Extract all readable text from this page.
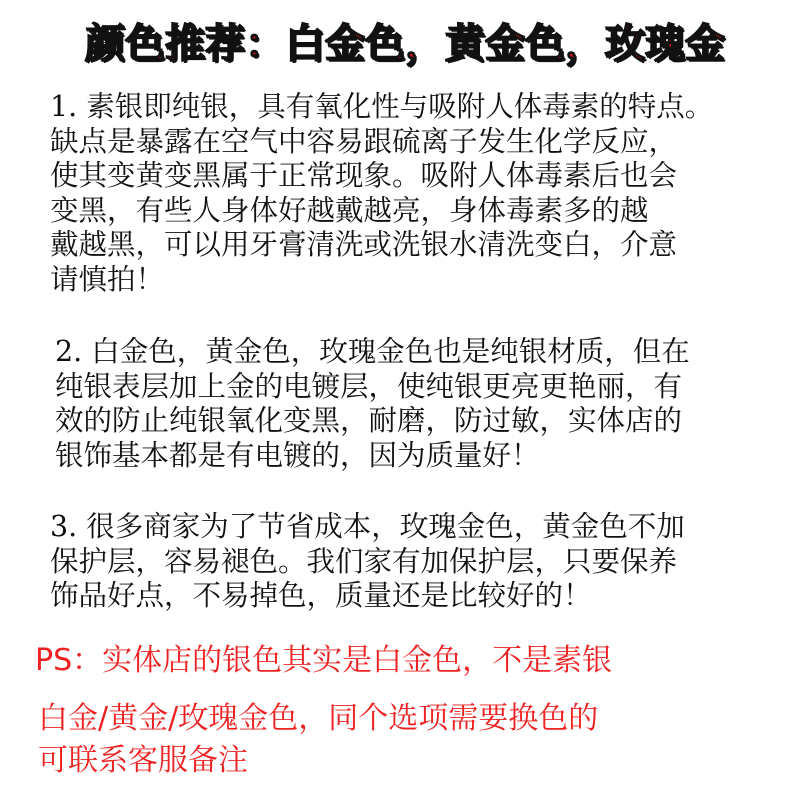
颜色推荐：白金色，黄金色，玫瑰金
1. 素银即纯银，具有氧化性与吸附人体毒素的特点。
缺点是暴露在空气中容易跟硫离子发生化学反应，
使其变黄变黑属于正常现象。吸附人体毒素后也会
变黑，有些人身体好越戴越亮，身体毒素多的越
戴越黑，可以用牙膏清洗或洗银水清洗变白，介意
请慎拍！
2. 白金色，黄金色，玫瑰金色也是纯银材质，但在
纯银表层加上金的电镀层，使纯银更亮更艳丽，有
效的防止纯银氧化变黑，耐磨，防过敏，实体店的
银饰基本都是有电镀的，因为质量好！
3. 很多商家为了节省成本，玫瑰金色，黄金色不加
保护层，容易褪色。我们家有加保护层，只要保养
饰品好点，不易掉色，质量还是比较好的！
PS：实体店的银色其实是白金色，不是素银
白金/黄金/玫瑰金色，同个选项需要换色的
可联系客服备注
